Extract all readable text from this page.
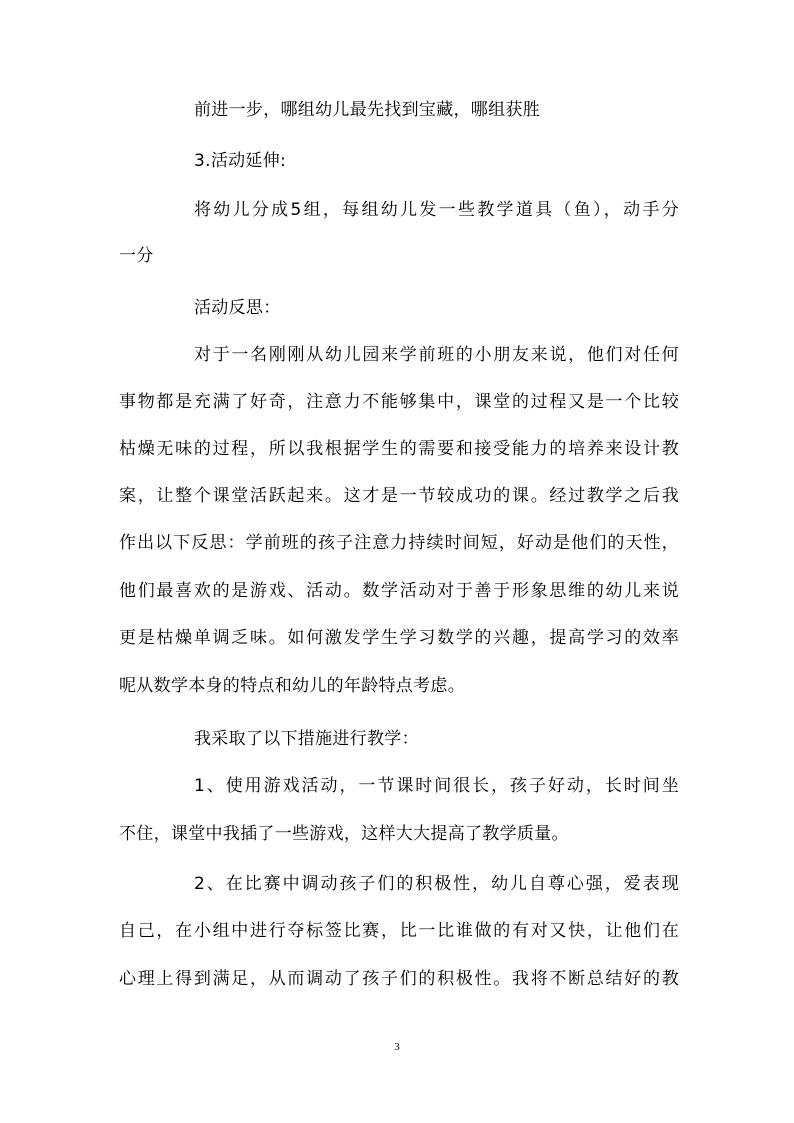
前进一步，哪组幼儿最先找到宝藏，哪组获胜
3.活动延伸:
将幼儿分成5组，每组幼儿发一些教学道具（鱼），动手分
一分
活动反思：
对于一名刚刚从幼儿园来学前班的小朋友来说，他们对任何
事物都是充满了好奇，注意力不能够集中，课堂的过程又是一个比较
枯燥无味的过程，所以我根据学生的需要和接受能力的培养来设计教
案，让整个课堂活跃起来。这才是一节较成功的课。经过教学之后我
作出以下反思：学前班的孩子注意力持续时间短，好动是他们的天性，
他们最喜欢的是游戏、活动。数学活动对于善于形象思维的幼儿来说
更是枯燥单调乏味。如何激发学生学习数学的兴趣，提高学习的效率
呢从数学本身的特点和幼儿的年龄特点考虑。
我采取了以下措施进行教学：
1、使用游戏活动，一节课时间很长，孩子好动，长时间坐
不住，课堂中我插了一些游戏，这样大大提高了教学质量。
2、在比赛中调动孩子们的积极性，幼儿自尊心强，爱表现
自己，在小组中进行夺标签比赛，比一比谁做的有对又快，让他们在
心理上得到满足，从而调动了孩子们的积极性。我将不断总结好的教
3
